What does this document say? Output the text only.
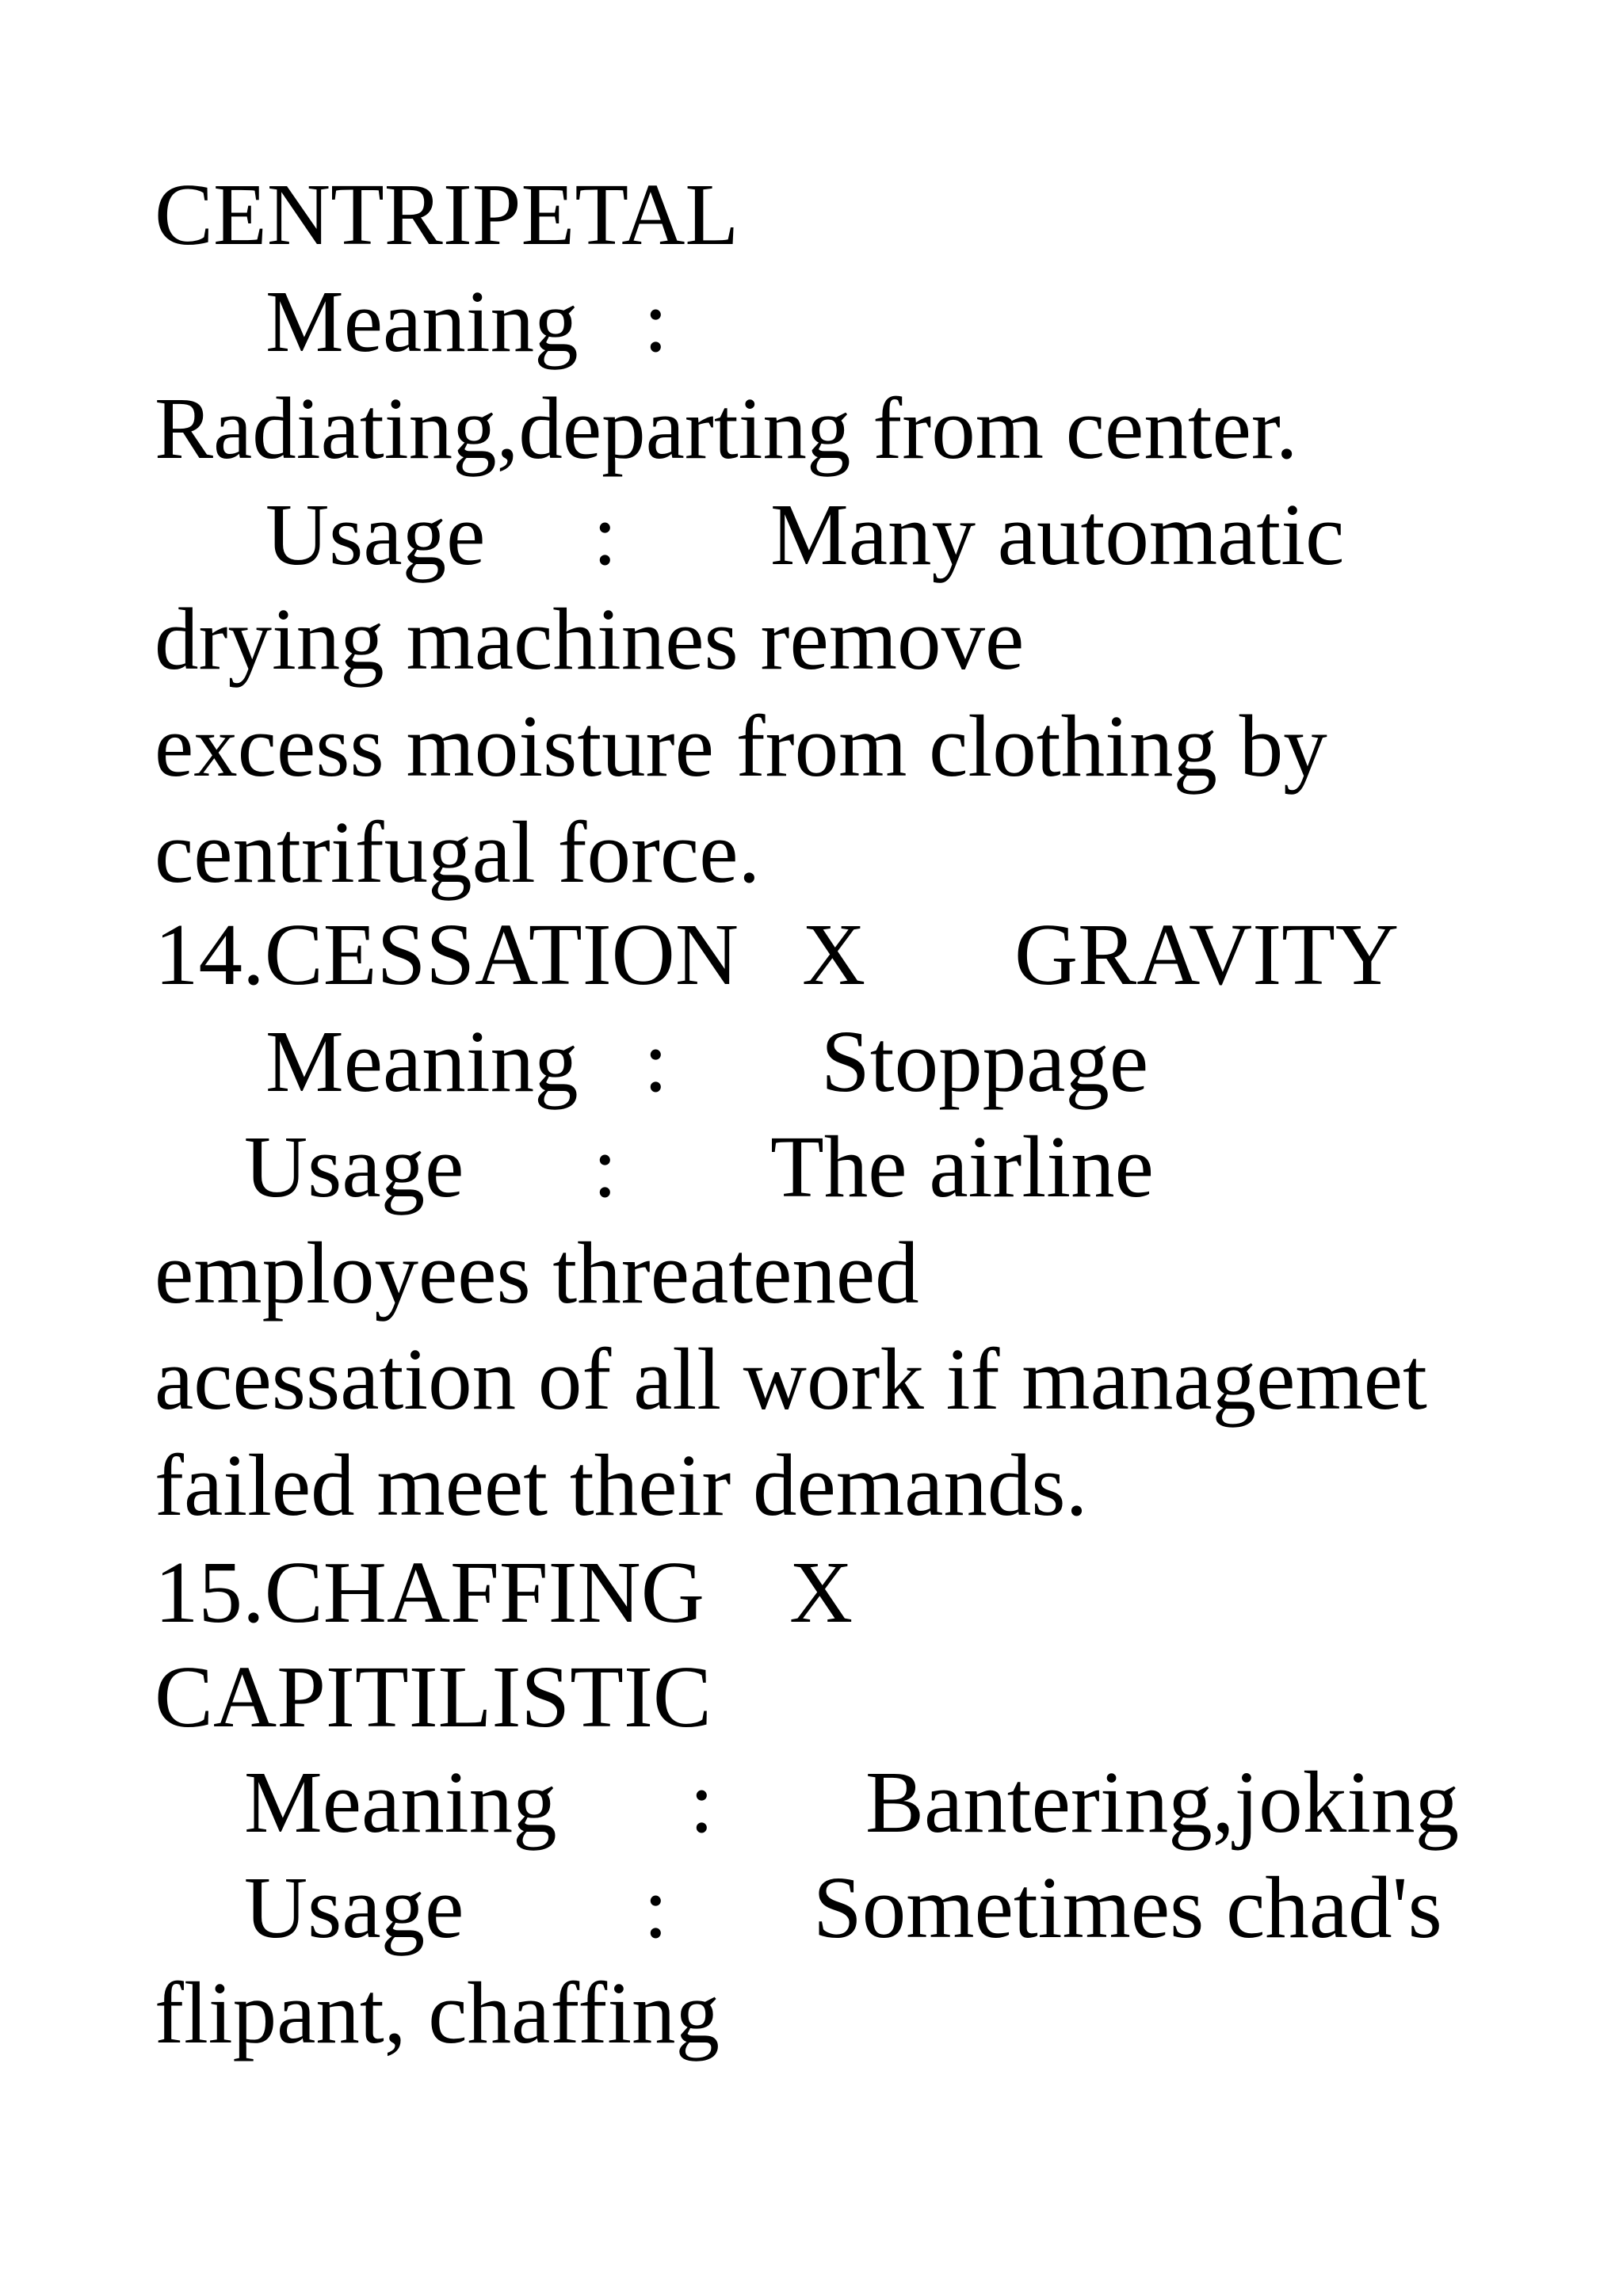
CENTRIPETAL
Meaning :
Radiating,departing from center.
Usage : Many automatic
drying machines remove
excess moisture from clothing by
centrifugal force.
14.CESSATION X GRAVITY
Meaning : Stoppage
Usage : The airline
employees threatened
acessation of all work if managemet
failed meet their demands.
15.CHAFFING X
CAPITILISTIC
Meaning : Bantering,joking
Usage : Sometimes chad's
flipant, chaffing
